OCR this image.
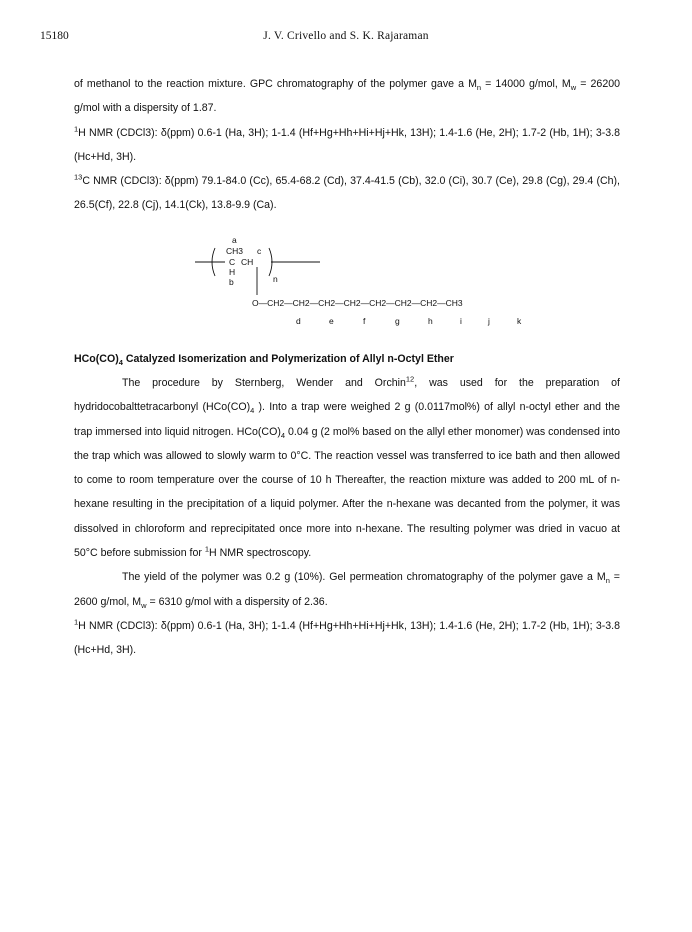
15180	J. V. Crivello and S. K. Rajaraman

of methanol to the reaction mixture. GPC chromatography of the polymer gave a $M_n = 14000$ g/mol, $M_w = 26200$ g/mol with a dispersity of 1.87.

$^1$H NMR (CDCl3): δ(ppm) 0.6-1 (Ha, 3H); 1-1.4 (Hf+Hg+Hh+Hi+Hj+Hk, 13H); 1.4-1.6 (He, 2H); 1.7-2 (Hb, 1H); 3-3.8 (Hc+Hd, 3H).

$^{13}$C NMR (CDCl3): δ(ppm) 79.1-84.0 (Cc), 65.4-68.2 (Cd), 37.4-41.5 (Cb), 32.0 (Ci), 30.7 (Ce), 29.8 (Cg), 29.4 (Ch), 26.5(Cf), 22.8 (Cj), 14.1(Ck), 13.8-9.9 (Ca).

a
CH3 c
C CH
H
b	n
O—CH2—CH2—CH2—CH2—CH2—CH2—CH2—CH3
d	e	f	g	h	i	j	k

$HCo(CO)_4$ Catalyzed Isomerization and Polymerization of Allyl n-Octyl Ether

The procedure by Sternberg, Wender and Orchin$^{12}$, was used for the preparation of hydridocobalttetracarbonyl ($HCo(CO)_4$ ). Into a trap were weighed 2 g (0.0117mol%) of allyl n-octyl ether and the trap immersed into liquid nitrogen. $HCo(CO)_4$ 0.04 g (2 mol% based on the allyl ether monomer) was condensed into the trap which was allowed to slowly warm to 0°C. The reaction vessel was transferred to ice bath and then allowed to come to room temperature over the course of 10 h Thereafter, the reaction mixture was added to 200 mL of n-hexane resulting in the precipitation of a liquid polymer. After the n-hexane was decanted from the polymer, it was dissolved in chloroform and reprecipitated once more into n-hexane. The resulting polymer was dried in vacuo at 50°C before submission for $^1$H NMR spectroscopy.

The yield of the polymer was 0.2 g (10%). Gel permeation chromatography of the polymer gave a $M_n = 2600$ g/mol, $M_w = 6310$ g/mol with a dispersity of 2.36.

$^1$H NMR (CDCl3): δ(ppm) 0.6-1 (Ha, 3H); 1-1.4 (Hf+Hg+Hh+Hi+Hj+Hk, 13H); 1.4-1.6 (He, 2H); 1.7-2 (Hb, 1H); 3-3.8 (Hc+Hd, 3H).
